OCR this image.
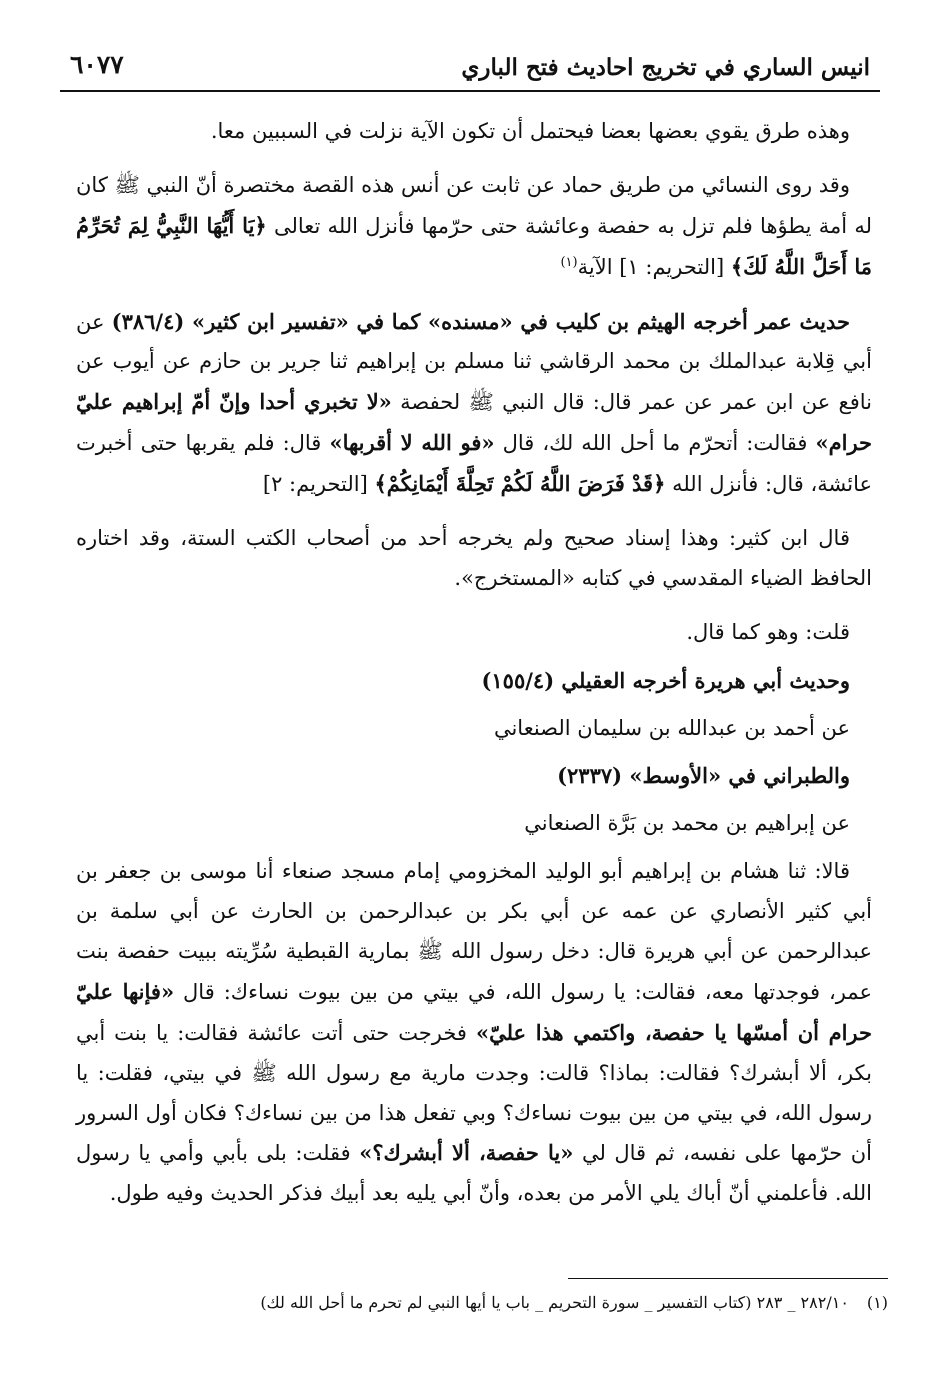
انيس الساري في تخريج احاديث فتح الباري
٦٠٧٧

وهذه طرق يقوي بعضها بعضا فيحتمل أن تكون الآية نزلت في السببين معا.

وقد روى النسائي من طريق حماد عن ثابت عن أنس هذه القصة مختصرة أنّ النبي ﷺ كان له أمة يطؤها فلم تزل به حفصة وعائشة حتى حرّمها فأنزل الله تعالى ﴿يَا أَيُّهَا النَّبِيُّ لِمَ تُحَرِّمُ مَا أَحَلَّ اللَّهُ لَكَ﴾ [التحريم: ١] الآية$^{(١)}$

حديث عمر أخرجه الهيثم بن كليب في «مسنده» كما في «تفسير ابن كثير» (٣٨٦/٤) عن أبي قِلابة عبدالملك بن محمد الرقاشي ثنا مسلم بن إبراهيم ثنا جرير بن حازم عن أيوب عن نافع عن ابن عمر عن عمر قال: قال النبي ﷺ لحفصة «لا تخبري أحدا وإنّ أمّ إبراهيم عليّ حرام» فقالت: أتحرّم ما أحل الله لك، قال «فو الله لا أقربها» قال: فلم يقربها حتى أخبرت عائشة، قال: فأنزل الله ﴿قَدْ فَرَضَ اللَّهُ لَكُمْ تَحِلَّةَ أَيْمَانِكُمْ﴾ [التحريم: ٢]

قال ابن كثير: وهذا إسناد صحيح ولم يخرجه أحد من أصحاب الكتب الستة، وقد اختاره الحافظ الضياء المقدسي في كتابه «المستخرج».

قلت: وهو كما قال.

وحديث أبي هريرة أخرجه العقيلي (١٥٥/٤)

عن أحمد بن عبدالله بن سليمان الصنعاني

والطبراني في «الأوسط» (٢٣٣٧)

عن إبراهيم بن محمد بن بَرَّة الصنعاني

قالا: ثنا هشام بن إبراهيم أبو الوليد المخزومي إمام مسجد صنعاء أنا موسى بن جعفر بن أبي كثير الأنصاري عن عمه عن أبي بكر بن عبدالرحمن بن الحارث عن أبي سلمة بن عبدالرحمن عن أبي هريرة قال: دخل رسول الله ﷺ بمارية القبطية سُرِّيته ببيت حفصة بنت عمر، فوجدتها معه، فقالت: يا رسول الله، في بيتي من بين بيوت نساءك: قال «فإنها عليّ حرام أن أمسّها يا حفصة، واكتمي هذا عليّ» فخرجت حتى أتت عائشة فقالت: يا بنت أبي بكر، ألا أبشرك؟ فقالت: بماذا؟ قالت: وجدت مارية مع رسول الله ﷺ في بيتي، فقلت: يا رسول الله، في بيتي من بين بيوت نساءك؟ وبي تفعل هذا من بين نساءك؟ فكان أول السرور أن حرّمها على نفسه، ثم قال لي «يا حفصة، ألا أبشرك؟» فقلت: بلى بأبي وأمي يا رسول الله. فأعلمني أنّ أباك يلي الأمر من بعده، وأنّ أبي يليه بعد أبيك فذكر الحديث وفيه طول.

(١)٢٨٢/١٠ _ ٢٨٣ (كتاب التفسير _ سورة التحريم _ باب يا أيها النبي لم تحرم ما أحل الله لك)
